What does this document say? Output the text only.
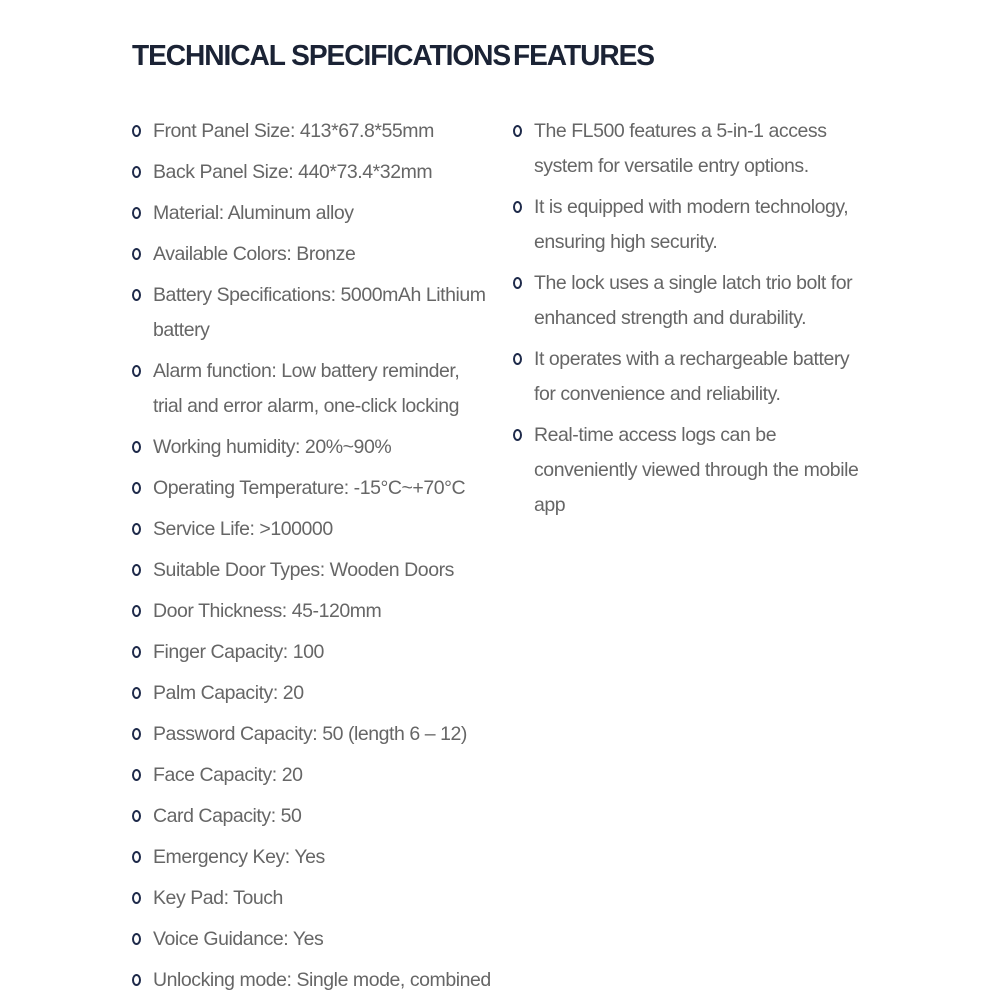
TECHNICAL SPECIFICATIONS
Front Panel Size: 413*67.8*55mm
Back Panel Size: 440*73.4*32mm
Material: Aluminum alloy
Available Colors: Bronze
Battery Specifications: 5000mAh Lithium battery
Alarm function: Low battery reminder, trial and error alarm, one-click locking
Working humidity: 20%~90%
Operating Temperature: -15°C~+70°C
Service Life: >100000
Suitable Door Types: Wooden Doors
Door Thickness: 45-120mm
Finger Capacity: 100
Palm Capacity: 20
Password Capacity: 50 (length 6 – 12)
Face Capacity: 20
Card Capacity: 50
Emergency Key: Yes
Key Pad: Touch
Voice Guidance: Yes
Unlocking mode: Single mode, combined
FEATURES
The FL500 features a 5-in-1 access system for versatile entry options.
It is equipped with modern technology, ensuring high security.
The lock uses a single latch trio bolt for enhanced strength and durability.
It operates with a rechargeable battery for convenience and reliability.
Real-time access logs can be conveniently viewed through the mobile app
